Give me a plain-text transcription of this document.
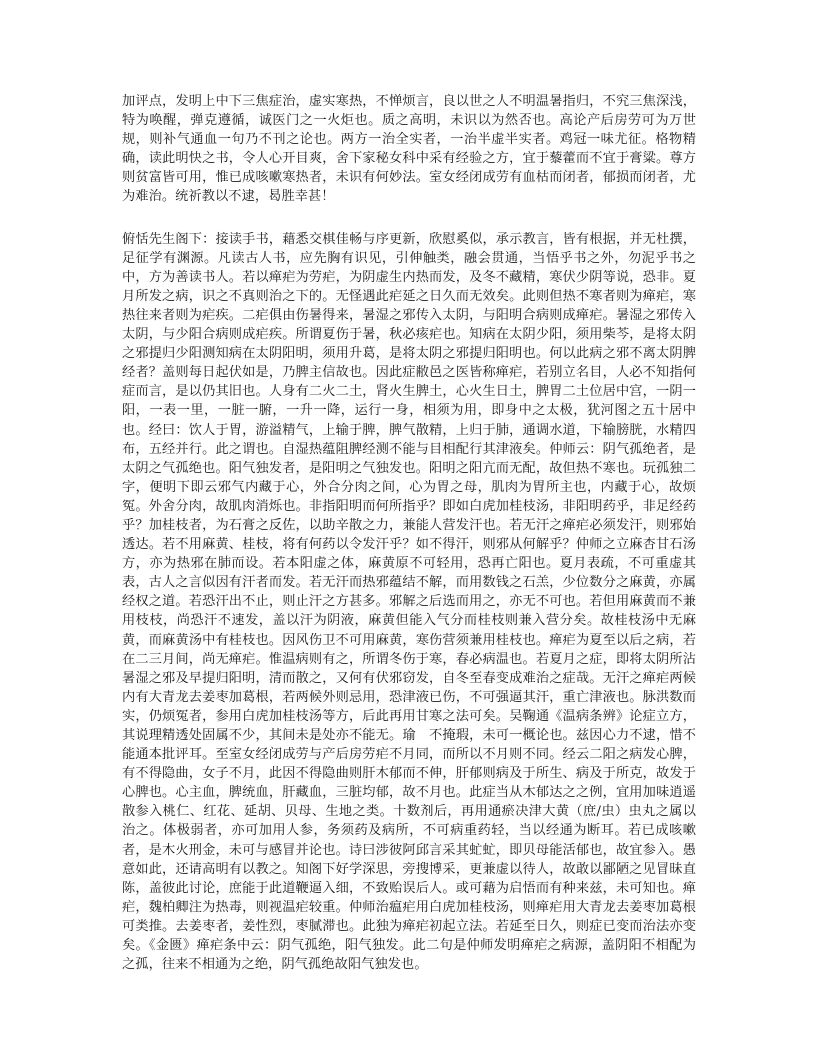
加评点，发明上中下三焦症治，虚实寒热，不惮烦言，良以世之人不明温暑指归，不究三焦深浅，特为唤醒，弹克遵循，诚医门之一火炬也。质之高明，未识以为然否也。高论产后房劳可为万世规，则补气通血一句乃不刊之论也。两方一治全实者，一治半虚半实者。鸡冠一味尤征。格物精确，读此明快之书，令人心开目爽，舍下家秘女科中采有经验之方，宜于藜藿而不宜于膏粱。尊方则贫富皆可用，惟已成咳嗽寒热者，未识有何妙法。室女经闭成劳有血枯而闭者，郁损而闭者，尤为难治。统祈教以不逮，曷胜幸甚！

俯恬先生阁下：接读手书，藉悉交棋佳畅与序更新，欣慰奚似，承示教言，皆有根据，并无杜撰，足征学有渊源。凡读古人书，应先胸有识见，引伸触类，融会贯通，当悟乎书之外，勿泥乎书之中，方为善读书人。若以瘅疟为劳疟，为阴虚生内热而发，及冬不藏精，寒伏少阴等说，恐非。夏月所发之病，识之不真则治之下的。无怪遇此疟延之日久而无效矣。此则但热不寒者则为瘅疟，寒热往来者则为疟疾。二疟俱由伤暑得来，暑湿之邪传入太阴，与阳明合病则成瘅疟。暑湿之邪传入太阴，与少阳合病则成疟疾。所谓夏伤于暑，秋必痎疟也。知病在太阴少阳，须用柴芩，是将太阴之邪提归少阳测知病在太阴阳明，须用升葛，是将太阴之邪提归阳明也。何以此病之邪不离太阴脾经者？盖则每日起伏如是，乃脾主信故也。因此症敝邑之医皆称瘅疟，若别立名目，人必不知指何症而言，是以仍其旧也。人身有二火二土，肾火生脾土，心火生日土，脾胃二土位居中宫，一阴一阳，一表一里，一脏一腑，一升一降，运行一身，相须为用，即身中之太极，犹河图之五十居中也。经曰：饮人于胃，游溢精气，上输于脾，脾气散精，上归于肺，通调水道，下输膀胱，水精四布，五经并行。此之谓也。自湿热蕴阻脾经测不能与目相配行其津液矣。仲师云：阴气孤绝者，是太阴之气孤绝也。阳气独发者，是阳明之气独发也。阳明之阳亢而无配，故但热不寒也。玩孤独二字，便明下即云邪气内藏于心，外合分肉之间，心为胃之母，肌肉为胃所主也，内藏于心，故烦冤。外舍分肉，故肌肉消烁也。非指阳明而何所指乎？即如白虎加桂枝汤，非阳明药乎，非足经药乎？加桂枝者，为石膏之反佐，以助辛散之力，兼能人营发汗也。若无汗之瘅疟必须发汗，则邪始透达。若不用麻黄、桂枝，将有何药以令发汗乎？如不得汗，则邪从何解乎？仲师之立麻杏甘石汤方，亦为热邪在肺而设。若本阳虚之体，麻黄原不可轻用，恐再亡阳也。夏月表疏，不可重虚其表，古人之言似因有汗者而发。若无汗而热邪蕴结不解，而用数钱之石羔，少位数分之麻黄，亦属经权之道。若恐汗出不止，则止汗之方甚多。邪解之后选而用之，亦无不可也。若但用麻黄而不兼用枝枝，尚恐汗不速发，盖以汗为阴液，麻黄但能入气分而桂枝则兼入营分矣。故桂枝汤中无麻黄，而麻黄汤中有桂枝也。因风伤卫不可用麻黄，寒伤营须兼用桂枝也。瘅疟为夏至以后之病，若在二三月间，尚无瘅疟。惟温病则有之，所谓冬伤于寒，春必病温也。若夏月之症，即将太阴所沾暑湿之邪及早提归阳明，清而散之，又何有伏邪窃发，自冬至春变成难治之症哉。无汗之瘅疟两候内有大青龙去姜枣加葛根，若两候外则忌用，恐津液已伤，不可强逼其汗，重亡津液也。脉洪数而实，仍烦冤者，参用白虎加桂枝汤等方，后此再用甘寒之法可矣。吴鞠通《温病条辨》论症立方，其说理精透处固属不少，其间未是处亦不能无。瑜　不掩瑕，未可一概论也。兹因心力不逮，惜不能通本批评耳。至室女经闭成劳与产后房劳疟不月同，而所以不月则不同。经云二阳之病发心脾，有不得隐曲，女子不月，此因不得隐曲则肝木郁而不伸，肝郁则病及于所生、病及于所克，故发于心脾也。心主血，脾统血，肝藏血，三脏均郁，故不月也。此症当从木郁达之之例，宜用加味逍遥散参入桃仁、红花、延胡、贝母、生地之类。十数剂后，再用通瘀决津大黄（庶/虫）虫丸之属以治之。体极弱者，亦可加用人参，务须药及病所，不可病重药轻，当以经通为断耳。若已成咳嗽者，是木火刑金，未可与感冒并论也。诗曰涉彼阿邱言采其虻虻，即贝母能活郁也，故宜参入。愚意如此，还请高明有以教之。知阁下好学深思，旁搜博采，更兼虚以待人，故敢以鄙陋之见冒昧直陈，盖彼此讨论，庶能于此道鞭逼入细，不致贻误后人。或可藉为启悟而有种来兹，未可知也。瘅疟，魏柏卿注为热毒，则视温疟较重。仲师治瘟疟用白虎加桂枝汤，则瘅疟用大青龙去姜枣加葛根可类推。去姜枣者，姜性烈，枣腻滞也。此独为瘅疟初起立法。若延至日久，则症已变而治法亦变矣。《金匮》瘅疟条中云：阴气孤绝，阳气独发。此二句是仲师发明瘅疟之病源，盖阴阳不相配为之孤，往来不相通为之绝，阴气孤绝故阳气独发也。
